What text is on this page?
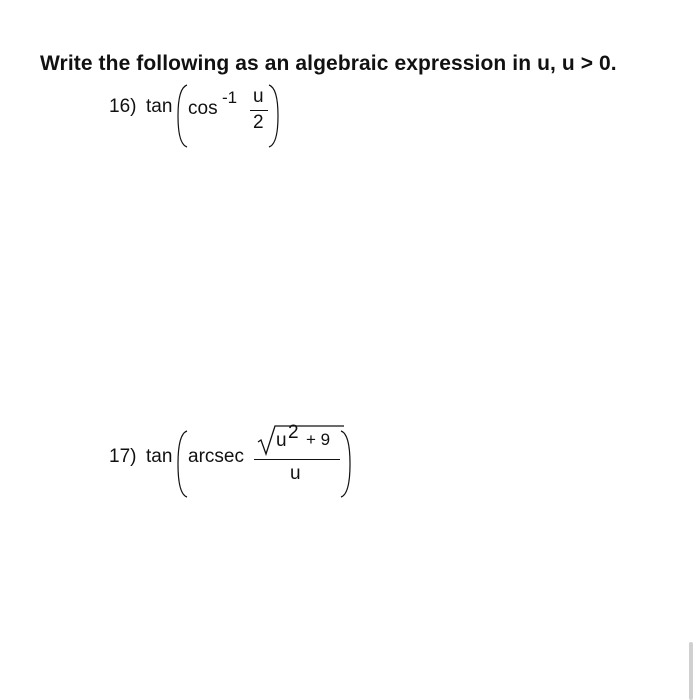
Write the following as an algebraic expression in u, u > 0.
16) tan cos
-1 u
2
17) tan arcsec
u 2 + 9
u
